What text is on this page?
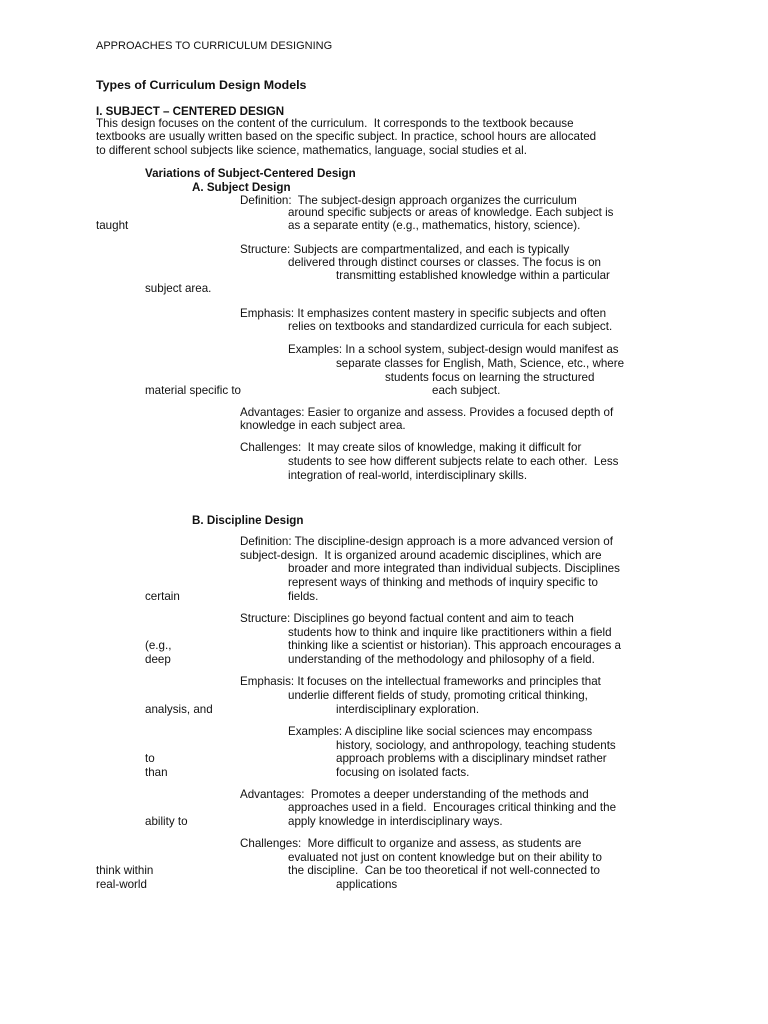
APPROACHES TO CURRICULUM DESIGNING
Types of Curriculum Design Models
I. SUBJECT – CENTERED DESIGN
This design focuses on the content of the curriculum.  It corresponds to the textbook because
textbooks are usually written based on the specific subject. In practice, school hours are allocated
to different school subjects like science, mathematics, language, social studies et al.
Variations of Subject-Centered Design
A. Subject Design
Definition:  The subject-design approach organizes the curriculum
around specific subjects or areas of knowledge. Each subject is
taught	as a separate entity (e.g., mathematics, history, science).
Structure: Subjects are compartmentalized, and each is typically
delivered through distinct courses or classes. The focus is on
transmitting established knowledge within a particular
subject area.
Emphasis: It emphasizes content mastery in specific subjects and often
relies on textbooks and standardized curricula for each subject.
Examples: In a school system, subject-design would manifest as
separate classes for English, Math, Science, etc., where
students focus on learning the structured
material specific to	each subject.
Advantages: Easier to organize and assess. Provides a focused depth of
knowledge in each subject area.
Challenges:  It may create silos of knowledge, making it difficult for
students to see how different subjects relate to each other.  Less
integration of real-world, interdisciplinary skills.
B. Discipline Design
Definition: The discipline-design approach is a more advanced version of
subject-design.  It is organized around academic disciplines, which are
broader and more integrated than individual subjects. Disciplines
represent ways of thinking and methods of inquiry specific to
certain	fields.
Structure: Disciplines go beyond factual content and aim to teach
students how to think and inquire like practitioners within a field
(e.g.,	thinking like a scientist or historian). This approach encourages a
deep	understanding of the methodology and philosophy of a field.
Emphasis: It focuses on the intellectual frameworks and principles that
underlie different fields of study, promoting critical thinking,
analysis, and	interdisciplinary exploration.
Examples: A discipline like social sciences may encompass
history, sociology, and anthropology, teaching students
to	approach problems with a disciplinary mindset rather
than	focusing on isolated facts.
Advantages:  Promotes a deeper understanding of the methods and
approaches used in a field.  Encourages critical thinking and the
ability to	apply knowledge in interdisciplinary ways.
Challenges:  More difficult to organize and assess, as students are
evaluated not just on content knowledge but on their ability to
think within	the discipline.  Can be too theoretical if not well-connected to
real-world	applications
